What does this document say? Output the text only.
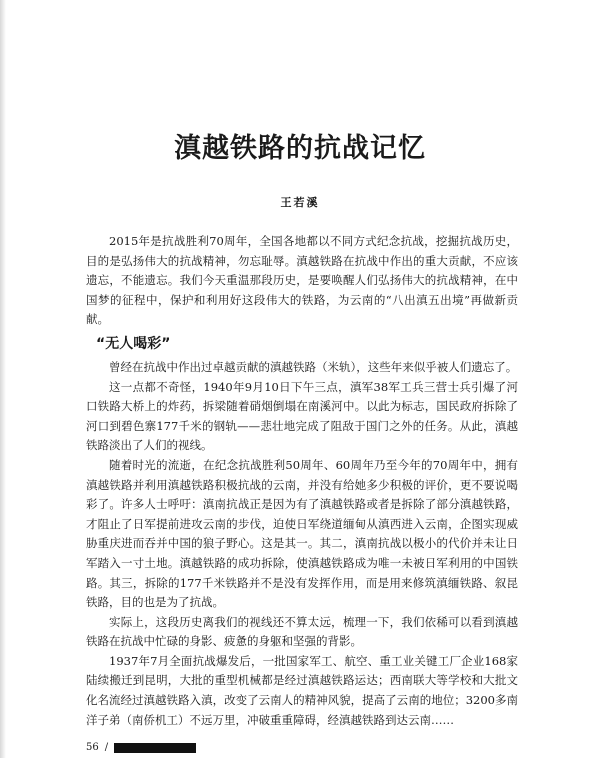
滇越铁路的抗战记忆
王若溪

2015年是抗战胜利70周年，全国各地都以不同方式纪念抗战，挖掘抗战历史，目的是弘扬伟大的抗战精神，勿忘耻辱。滇越铁路在抗战中作出的重大贡献，不应该遗忘，不能遗忘。我们今天重温那段历史，是要唤醒人们弘扬伟大的抗战精神，在中国梦的征程中，保护和利用好这段伟大的铁路，为云南的“八出滇五出境”再做新贡献。

“无人喝彩”

曾经在抗战中作出过卓越贡献的滇越铁路（米轨），这些年来似乎被人们遗忘了。

这一点都不奇怪，1940年9月10日下午三点，滇军38军工兵三营士兵引爆了河口铁路大桥上的炸药，拆梁随着硝烟倒塌在南溪河中。以此为标志，国民政府拆除了河口到碧色寨177千米的钢轨——悲壮地完成了阻敌于国门之外的任务。从此，滇越铁路淡出了人们的视线。

随着时光的流逝，在纪念抗战胜利50周年、60周年乃至今年的70周年中，拥有滇越铁路并利用滇越铁路积极抗战的云南，并没有给她多少积极的评价，更不要说喝彩了。许多人士呼吁：滇南抗战正是因为有了滇越铁路或者是拆除了部分滇越铁路，才阻止了日军提前进攻云南的步伐，迫使日军绕道缅甸从滇西进入云南，企图实现威胁重庆进而吞并中国的狼子野心。这是其一。其二，滇南抗战以极小的代价并未让日军踏入一寸土地。滇越铁路的成功拆除，使滇越铁路成为唯一未被日军利用的中国铁路。其三，拆除的177千米铁路并不是没有发挥作用，而是用来修筑滇缅铁路、叙昆铁路，目的也是为了抗战。

实际上，这段历史离我们的视线还不算太远，梳理一下，我们依稀可以看到滇越铁路在抗战中忙碌的身影、疲惫的身躯和坚强的背影。

1937年7月全面抗战爆发后，一批国家军工、航空、重工业关键工厂企业168家陆续搬迁到昆明，大批的重型机械都是经过滇越铁路运达；西南联大等学校和大批文化名流经过滇越铁路入滇，改变了云南人的精神风貌，提高了云南的地位；3200多南洋子弟（南侨机工）不远万里，冲破重重障碍，经滇越铁路到达云南……

56 /
